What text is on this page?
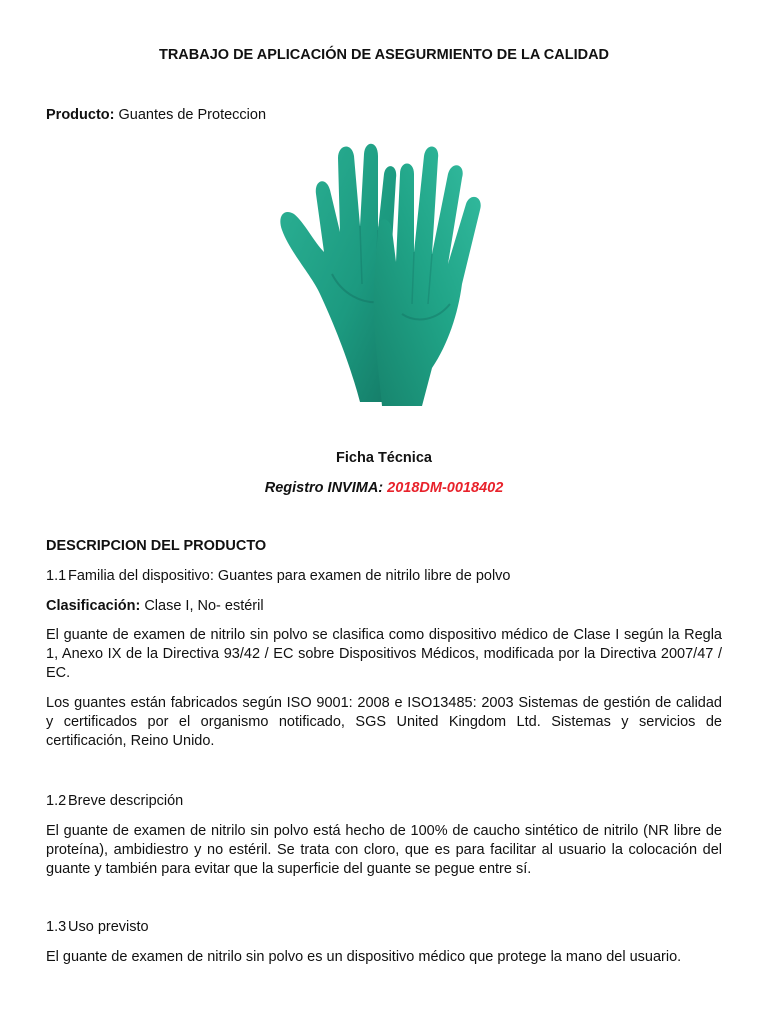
TRABAJO DE APLICACIÓN DE ASEGURMIENTO DE LA CALIDAD
Producto: Guantes de Proteccion
Ficha Técnica
Registro INVIMA: 2018DM-0018402
DESCRIPCION DEL PRODUCTO
1.1 Familia del dispositivo: Guantes para examen de nitrilo libre de polvo
Clasificación: Clase I, No- estéril
El guante de examen de nitrilo sin polvo se clasifica como dispositivo médico de Clase I según la Regla 1, Anexo IX de la Directiva 93/42 / EC sobre Dispositivos Médicos, modificada por la Directiva 2007/47 / EC.
Los guantes están fabricados según ISO 9001: 2008 e ISO13485: 2003 Sistemas de gestión de calidad y certificados por el organismo notificado, SGS United Kingdom Ltd. Sistemas y servicios de certificación, Reino Unido.
1.2 Breve descripción
El guante de examen de nitrilo sin polvo está hecho de 100% de caucho sintético de nitrilo (NR libre de proteína), ambidiestro y no estéril. Se trata con cloro, que es para facilitar al usuario la colocación del guante y también para evitar que la superficie del guante se pegue entre sí.
1.3 Uso previsto
El guante de examen de nitrilo sin polvo es un dispositivo médico que protege la mano del usuario.
